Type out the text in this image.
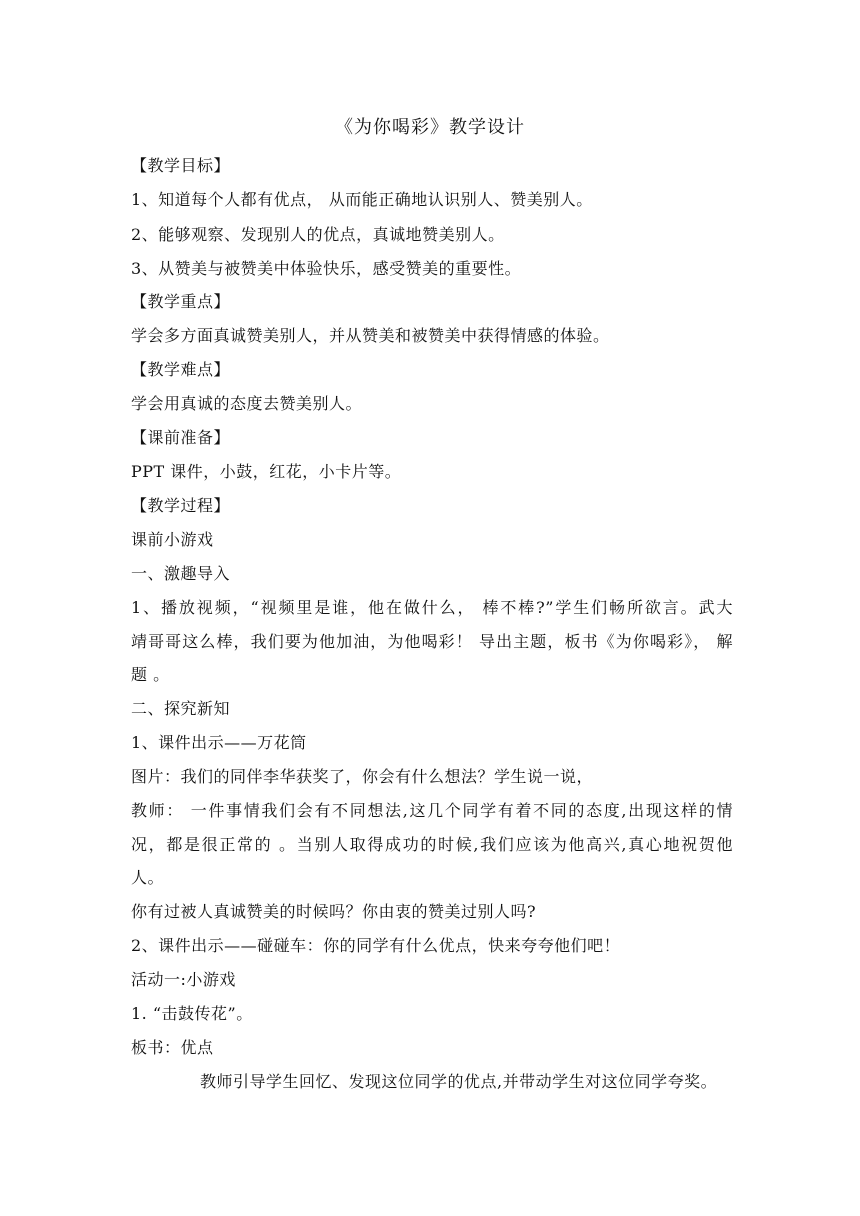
《为你喝彩》教学设计

【教学目标】

1、知道每个人都有优点， 从而能正确地认识别人、赞美别人。

2、能够观察、发现别人的优点，真诚地赞美别人。

3、从赞美与被赞美中体验快乐，感受赞美的重要性。

【教学重点】

学会多方面真诚赞美别人，并从赞美和被赞美中获得情感的体验。

【教学难点】

学会用真诚的态度去赞美别人。

【课前准备】

PPT 课件，小鼓，红花，小卡片等。

【教学过程】

课前小游戏

一、激趣导入

1、播放视频，“视频里是谁，他在做什么， 棒不棒?”学生们畅所欲言。武大

靖哥哥这么棒，我们要为他加油，为他喝彩！ 导出主题，板书《为你喝彩》， 解

题 。

二、探究新知

1、课件出示——万花筒

图片：我们的同伴李华获奖了，你会有什么想法？学生说一说，

教师： 一件事情我们会有不同想法,这几个同学有着不同的态度,出现这样的情

况，都是很正常的 。当别人取得成功的时候,我们应该为他高兴,真心地祝贺他

人。

你有过被人真诚赞美的时候吗？你由衷的赞美过别人吗?

2、课件出示——碰碰车：你的同学有什么优点，快来夸夸他们吧！

活动一:小游戏

1. “击鼓传花”。

板书：优点

教师引导学生回忆、发现这位同学的优点,并带动学生对这位同学夸奖。
